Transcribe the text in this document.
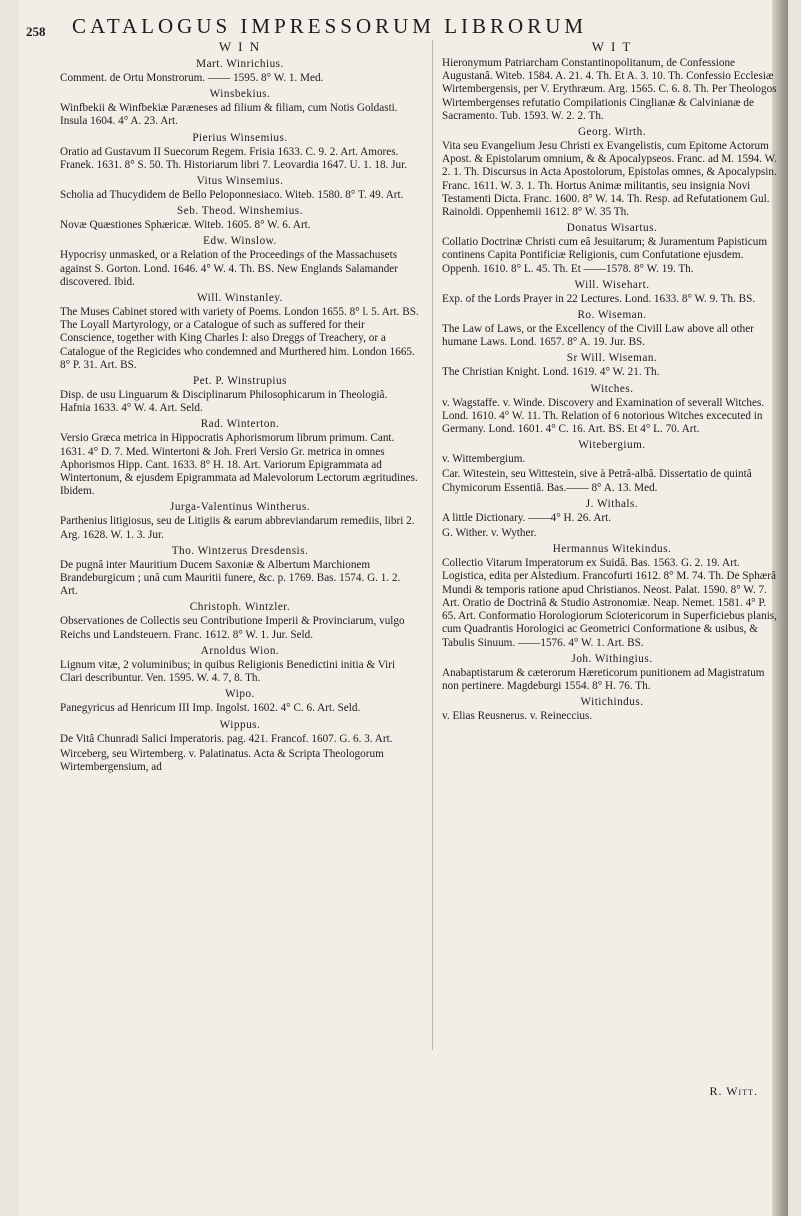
258 CATALOGUS IMPRESSORUM LIBRORUM
W I N
Mart. Winrichius.
Comment. de Ortu Monstrorum. —— 1595. 8° W. 1. Med.
Winsbekius.
Winfbekii & Winfbekiæ Paræneses ad filium & filiam, cum Notis Goldasti. Insula 1604. 4° A. 23. Art.
Pierius Winsemius.
Oratio ad Gustavum II Suecorum Regem. Frisia 1633. C. 9. 2. Art. Amores. Franek. 1631. 8° S. 50. Th. Historiarum libri 7. Leovardia 1647. U. 1. 18. Jur.
Vitus Winsemius.
Scholia ad Thucydidem de Bello Peloponnesiaco. Witeb. 1580. 8° T. 49. Art.
Seb. Theod. Winshemius.
Novæ Quæstiones Sphæricæ. Witeb. 1605. 8° W. 6. Art.
Edw. Winslow.
Hypocrisy unmasked, or a Relation of the Proceedings of the Massachusets against S. Gorton. Lond. 1646. 4° W. 4. Th. BS. New Englands Salamander discovered. Ibid.
Will. Winstanley.
The Muses Cabinet stored with variety of Poems. London 1655. 8° l. 5. Art. BS. The Loyall Martyrology, or a Catalogue of such as suffered for their Conscience, together with King Charles I: also Dreggs of Treachery, or a Catalogue of the Regicides who condemned and Murthered him. London 1665. 8° P. 31. Art. BS.
Pet. P. Winstrupius
Disp. de usu Linguarum & Disciplinarum Philosophicarum in Theologiâ. Hafnia 1633. 4° W. 4. Art. Seld.
Rad. Winterton.
Versio Græca metrica in Hippocratis Aphorismorum librum primum. Cant. 1631. 4° D. 7. Med. Wintertoni & Joh. Freri Versio Gr. metrica in omnes Aphorismos Hipp. Cant. 1633. 8° H. 18. Art. Variorum Epigrammata ad Wintertonum, & ejusdem Epigrammata ad Malevolorum Lectorum ægritudines. Ibidem.
Jurga-Valentinus Wintherus.
Parthenius litigiosus, seu de Litigiis & earum abbreviandarum remediis, libri 2. Arg. 1628. W. 1. 3. Jur.
Tho. Wintzerus Dresdensis.
De pugnâ inter Mauritium Ducem Saxoniæ & Albertum Marchionem Brandeburgicum ; unâ cum Mauritii funere, &c. p. 1769. Bas. 1574. G. 1. 2. Art.
Christoph. Wintzler.
Observationes de Collectis seu Contributione Imperii & Provinciarum, vulgo Reichs und Landsteuern. Franc. 1612. 8° W. 1. Jur. Seld.
Arnoldus Wion.
Lignum vitæ, 2 voluminibus; in quibus Religionis Benedictini initia & Viri Clari describuntur. Ven. 1595. W. 4. 7, 8. Th.
Wipo.
Panegyricus ad Henricum III Imp. Ingolst. 1602. 4° C. 6. Art. Seld.
Wippus.
De Vitâ Chunradi Salici Imperatoris. pag. 421. Francof. 1607. G. 6. 3. Art.
Wirceberg, seu Wirtemberg. v. Palatinatus. Acta & Scripta Theologorum Wirtembergensium, ad
W I T
Hieronymum Patriarcham Constantinopolitanum, de Confessione Augustanâ. Witeb. 1584. A. 21. 4. Th. Et A. 3. 10. Th. Confessio Ecclesiæ Wirtembergensis, per V. Erythræum. Arg. 1565. C. 6. 8. Th. Per Theologos Wirtembergenses refutatio Compilationis Cinglianæ & Calvinianæ de Sacramento. Tub. 1593. W. 2. 2. Th.
Georg. Wirth.
Vita seu Evangelium Jesu Christi ex Evangelistis, cum Epitome Actorum Apost. & Epistolarum omnium, & & Apocalypseos. Franc. ad M. 1594. W. 2. 1. Th. Discursus in Acta Apostolorum, Epistolas omnes, & Apocalypsin. Franc. 1611. W. 3. 1. Th. Hortus Animæ militantis, seu insignia Novi Testamenti Dicta. Franc. 1600. 8° W. 14. Th. Resp. ad Refutationem Gul. Rainoldi. Oppenhemii 1612. 8° W. 35 Th.
Donatus Wisartus.
Collatio Doctrinæ Christi cum eâ Jesuitarum; & Juramentum Papisticum continens Capita Pontificiæ Religionis, cum Confutatione ejusdem. Oppenh. 1610. 8° L. 45. Th. Et ——1578. 8° W. 19. Th.
Will. Wisehart.
Exp. of the Lords Prayer in 22 Lectures. Lond. 1633. 8° W. 9. Th. BS.
Ro. Wiseman.
The Law of Laws, or the Excellency of the Civill Law above all other humane Laws. Lond. 1657. 8° A. 19. Jur. BS.
Sr Will. Wiseman.
The Christian Knight. Lond. 1619. 4° W. 21. Th.
Witches.
v. Wagstaffe. v. Winde. Discovery and Examination of severall Witches. Lond. 1610. 4° W. 11. Th. Relation of 6 notorious Witches excecuted in Germany. Lond. 1601. 4° C. 16. Art. BS. Et 4° L. 70. Art.
Witebergium.
v. Wittembergium.
Car. Witestein, seu Wittestein, sive à Petrâ-albâ. Dissertatio de quintâ Chymicorum Essentiâ. Bas.—— 8° A. 13. Med.
J. Withals.
A little Dictionary. ——4° H. 26. Art.
G. Wither. v. Wyther.
Hermannus Witekindus.
Collectio Vitarum Imperatorum ex Suidâ. Bas. 1563. G. 2. 19. Art. Logistica, edita per Alstedium. Francofurti 1612. 8° M. 74. Th. De Sphærâ Mundi & temporis ratione apud Christianos. Neost. Palat. 1590. 8° W. 7. Art. Oratio de Doctrinâ & Studio Astronomiæ. Neap. Nemet. 1581. 4° P. 65. Art. Conformatio Horologiorum Sciotericorum in Superficiebus planis, cum Quadrantis Horologici ac Geometrici Conformatione & usibus, & Tabulis Sinuum. ——1576. 4° W. 1. Art. BS.
Joh. Withingius.
Anabaptistarum & cæterorum Hæreticorum punitionem ad Magistratum non pertinere. Magdeburgi 1554. 8° H. 76. Th.
Witichindus.
v. Elias Reusnerus. v. Reineccius.
R. Witt.
